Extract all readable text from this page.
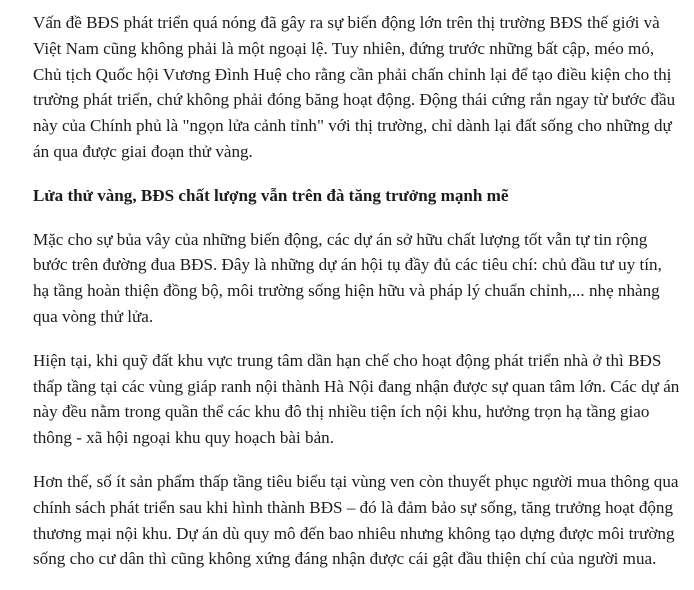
Vấn đề BĐS phát triển quá nóng đã gây ra sự biến động lớn trên thị trường BĐS thế giới và Việt Nam cũng không phải là một ngoại lệ. Tuy nhiên, đứng trước những bất cập, méo mó, Chủ tịch Quốc hội Vương Đình Huệ cho rằng cần phải chấn chỉnh lại để tạo điều kiện cho thị trường phát triển, chứ không phải đóng băng hoạt động. Động thái cứng rắn ngay từ bước đầu này của Chính phủ là "ngọn lửa cảnh tỉnh" với thị trường, chỉ dành lại đất sống cho những dự án qua được giai đoạn thử vàng.

Lửa thử vàng, BĐS chất lượng vẫn trên đà tăng trưởng mạnh mẽ

Mặc cho sự bủa vây của những biến động, các dự án sở hữu chất lượng tốt vẫn tự tin rộng bước trên đường đua BĐS. Đây là những dự án hội tụ đầy đủ các tiêu chí: chủ đầu tư uy tín, hạ tầng hoàn thiện đồng bộ, môi trường sống hiện hữu và pháp lý chuẩn chỉnh,... nhẹ nhàng qua vòng thử lửa.

Hiện tại, khi quỹ đất khu vực trung tâm dần hạn chế cho hoạt động phát triển nhà ở thì BĐS thấp tầng tại các vùng giáp ranh nội thành Hà Nội đang nhận được sự quan tâm lớn. Các dự án này đều nằm trong quần thể các khu đô thị nhiều tiện ích nội khu, hưởng trọn hạ tầng giao thông - xã hội ngoại khu quy hoạch bài bản.

Hơn thế, số ít sản phẩm thấp tầng tiêu biểu tại vùng ven còn thuyết phục người mua thông qua chính sách phát triển sau khi hình thành BĐS – đó là đảm bảo sự sống, tăng trưởng hoạt động thương mại nội khu. Dự án dù quy mô đến bao nhiêu nhưng không tạo dựng được môi trường sống cho cư dân thì cũng không xứng đáng nhận được cái gật đầu thiện chí của người mua.
